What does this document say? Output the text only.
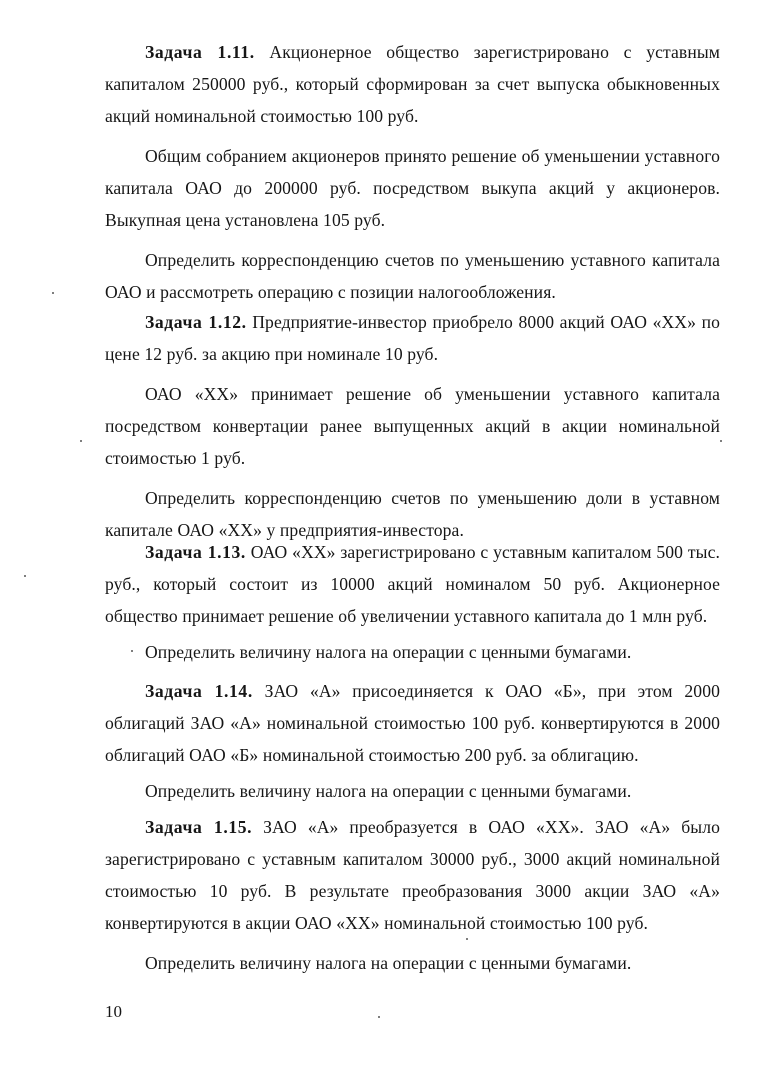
Задача 1.11. Акционерное общество зарегистрировано с уставным капиталом 250000 руб., который сформирован за счет выпуска обыкновенных акций номинальной стоимостью 100 руб.

Общим собранием акционеров принято решение об уменьшении уставного капитала ОАО до 200000 руб. посредством выкупа акций у акционеров. Выкупная цена установлена 105 руб.

Определить корреспонденцию счетов по уменьшению уставного капитала ОАО и рассмотреть операцию с позиции налогообложения.

Задача 1.12. Предприятие-инвестор приобрело 8000 акций ОАО «XX» по цене 12 руб. за акцию при номинале 10 руб.

ОАО «XX» принимает решение об уменьшении уставного капитала посредством конвертации ранее выпущенных акций в акции номинальной стоимостью 1 руб.

Определить корреспонденцию счетов по уменьшению доли в уставном капитале ОАО «XX» у предприятия-инвестора.

Задача 1.13. ОАО «XX» зарегистрировано с уставным капиталом 500 тыс. руб., который состоит из 10000 акций номиналом 50 руб. Акционерное общество принимает решение об увеличении уставного капитала до 1 млн руб.

Определить величину налога на операции с ценными бумагами.

Задача 1.14. ЗАО «А» присоединяется к ОАО «Б», при этом 2000 облигаций ЗАО «А» номинальной стоимостью 100 руб. конвертируются в 2000 облигаций ОАО «Б» номинальной стоимостью 200 руб. за облигацию.

Определить величину налога на операции с ценными бумагами.

Задача 1.15. ЗАО «А» преобразуется в ОАО «XX». ЗАО «А» было зарегистрировано с уставным капиталом 30000 руб., 3000 акций номинальной стоимостью 10 руб. В результате преобразования 3000 акции ЗАО «А» конвертируются в акции ОАО «XX» номинальной стоимостью 100 руб.

Определить величину налога на операции с ценными бумагами.

10
